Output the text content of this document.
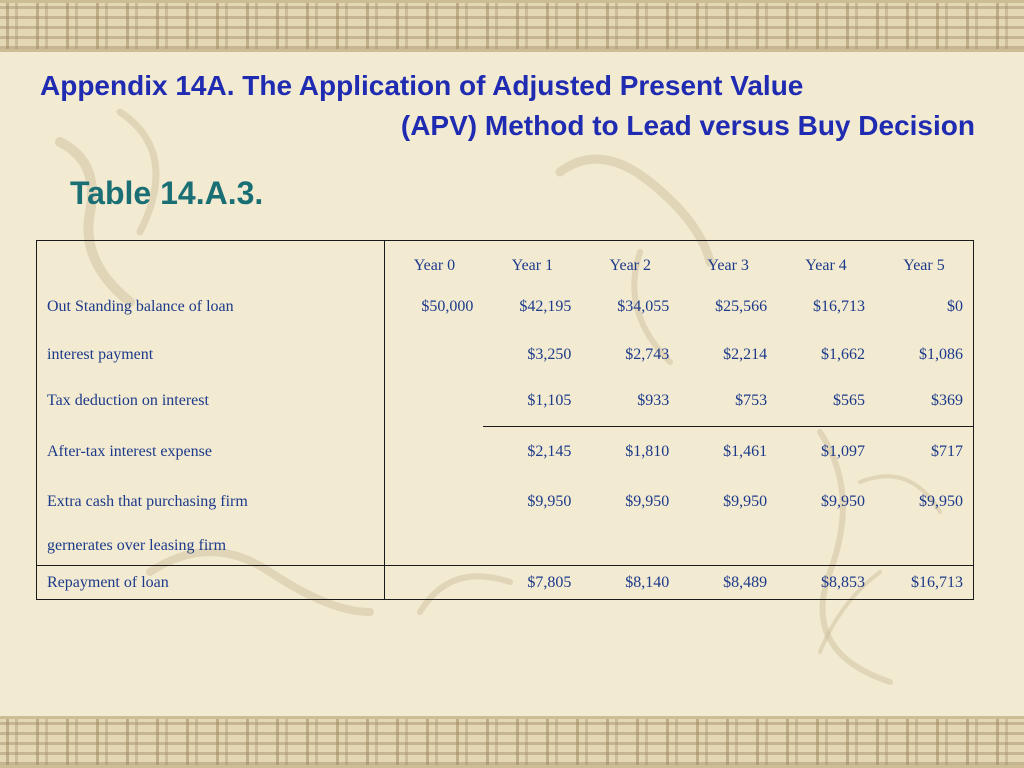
Appendix 14A. The Application of Adjusted Present Value
(APV) Method to Lead versus Buy Decision
Table 14.A.3.
	Year 0	Year 1	Year 2	Year 3	Year 4	Year 5
Out Standing balance of loan	$50,000	$42,195	$34,055	$25,566	$16,713	$0
interest payment		$3,250	$2,743	$2,214	$1,662	$1,086
Tax deduction on interest		$1,105	$933	$753	$565	$369
After-tax interest expense		$2,145	$1,810	$1,461	$1,097	$717
Extra cash that purchasing firm		$9,950	$9,950	$9,950	$9,950	$9,950
gernerates over leasing firm						
Repayment of loan		$7,805	$8,140	$8,489	$8,853	$16,713
